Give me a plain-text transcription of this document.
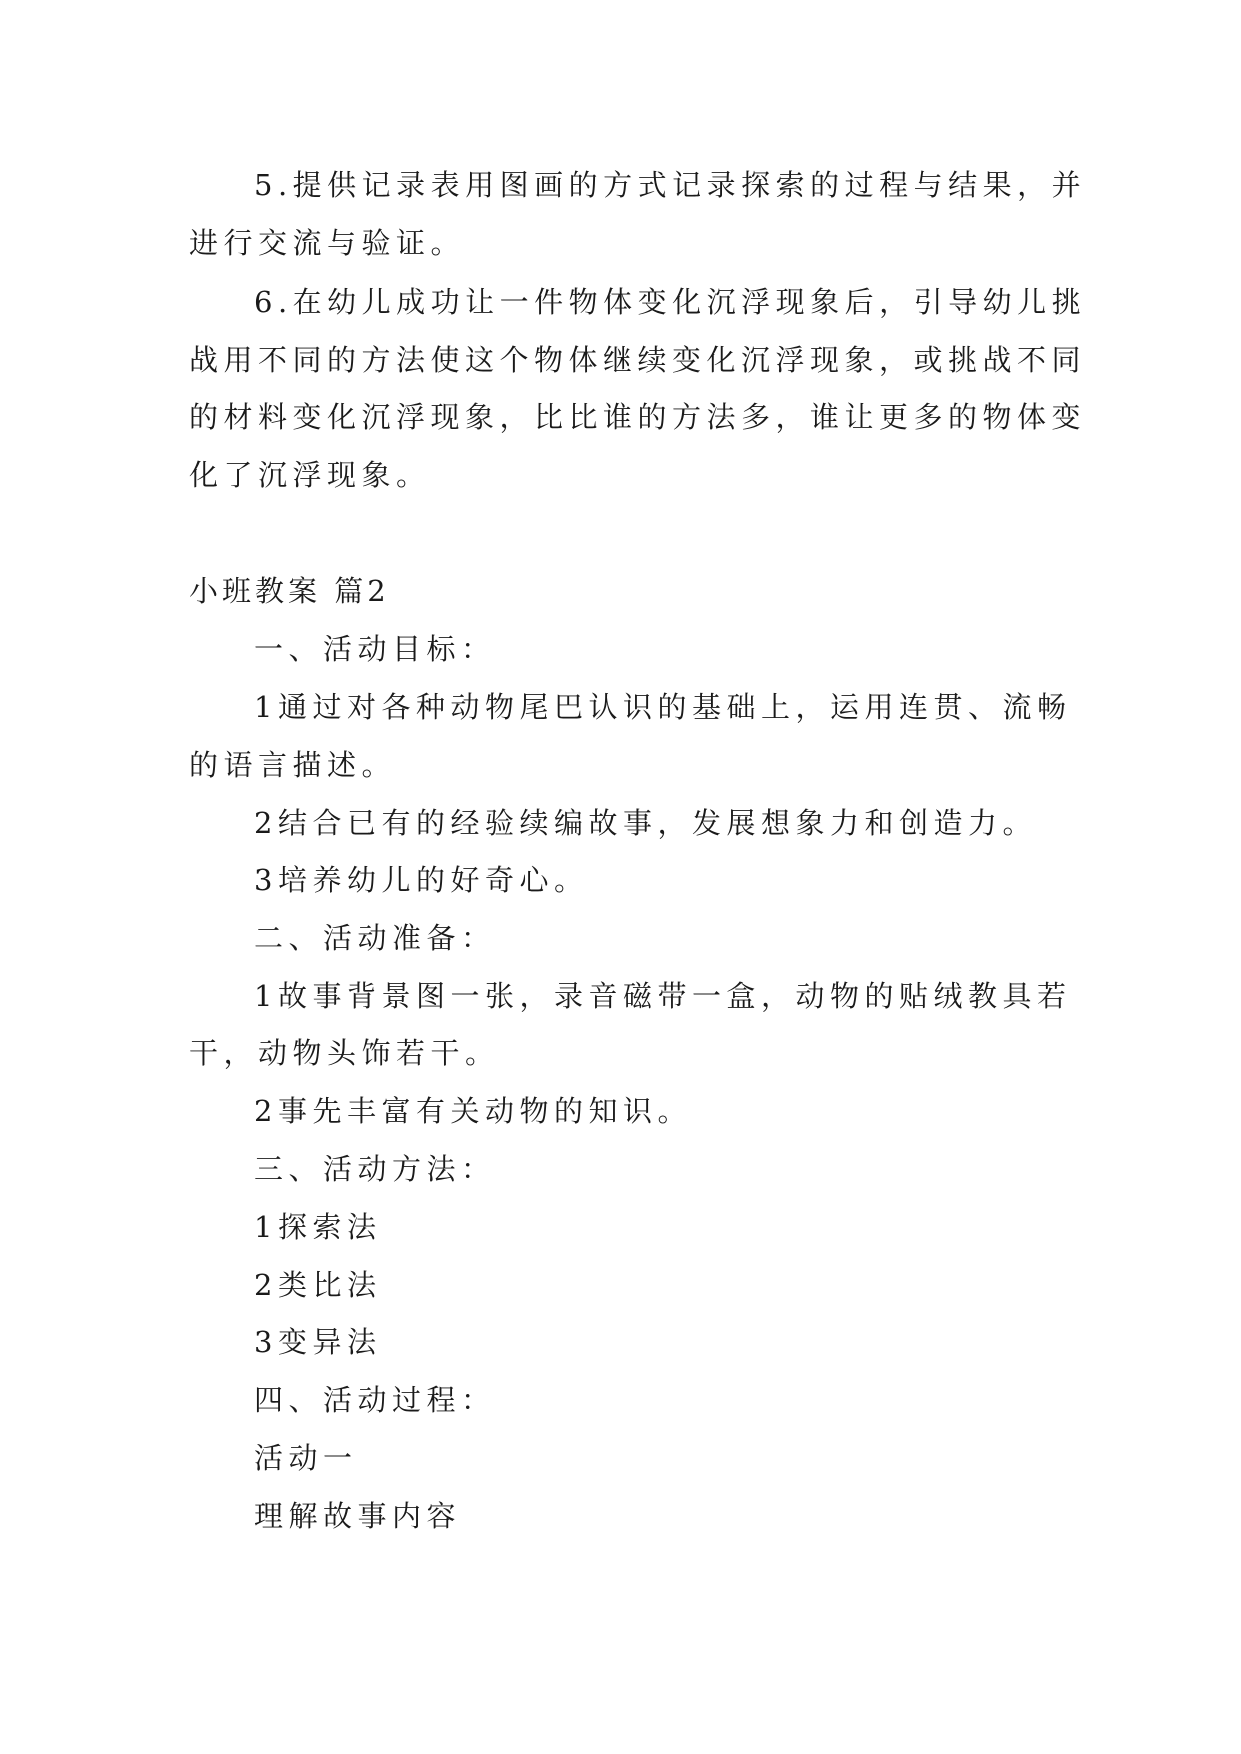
5.提供记录表用图画的方式记录探索的过程与结果，并
进行交流与验证。
6.在幼儿成功让一件物体变化沉浮现象后，引导幼儿挑
战用不同的方法使这个物体继续变化沉浮现象，或挑战不同
的材料变化沉浮现象，比比谁的方法多，谁让更多的物体变
化了沉浮现象。
小班教案 篇2
一、活动目标：
1通过对各种动物尾巴认识的基础上，运用连贯、流畅
的语言描述。
2结合已有的经验续编故事，发展想象力和创造力。
3培养幼儿的好奇心。
二、活动准备：
1故事背景图一张，录音磁带一盒，动物的贴绒教具若
干，动物头饰若干。
2事先丰富有关动物的知识。
三、活动方法：
1探索法
2类比法
3变异法
四、活动过程：
活动一
理解故事内容
